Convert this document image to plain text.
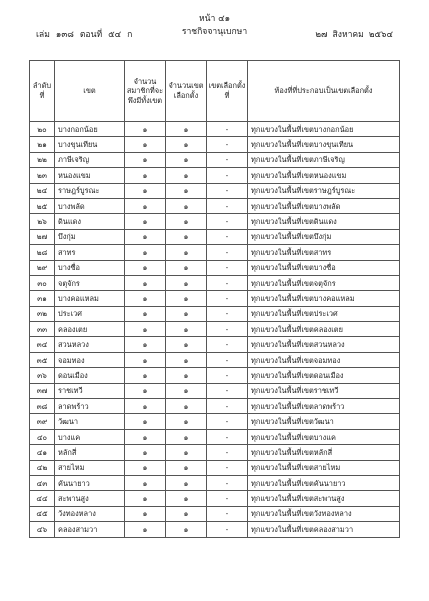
หน้า ๔๑
ราชกิจจานุเบกษา
เล่ม ๑๓๘ ตอนที่ ๕๔ ก	๒๗ สิงหาคม ๒๕๖๔
ลำดับที่	เขต	จำนวนสมาชิกที่จะพึงมีทั้งเขต	จำนวนเขตเลือกตั้ง	เขตเลือกตั้งที่	ท้องที่ที่ประกอบเป็นเขตเลือกตั้ง
๒๐	บางกอกน้อย	๑	๑	-	ทุกแขวงในพื้นที่เขตบางกอกน้อย
๒๑	บางขุนเทียน	๑	๑	-	ทุกแขวงในพื้นที่เขตบางขุนเทียน
๒๒	ภาษีเจริญ	๑	๑	-	ทุกแขวงในพื้นที่เขตภาษีเจริญ
๒๓	หนองแขม	๑	๑	-	ทุกแขวงในพื้นที่เขตหนองแขม
๒๔	ราษฎร์บูรณะ	๑	๑	-	ทุกแขวงในพื้นที่เขตราษฎร์บูรณะ
๒๕	บางพลัด	๑	๑	-	ทุกแขวงในพื้นที่เขตบางพลัด
๒๖	ดินแดง	๑	๑	-	ทุกแขวงในพื้นที่เขตดินแดง
๒๗	บึงกุ่ม	๑	๑	-	ทุกแขวงในพื้นที่เขตบึงกุ่ม
๒๘	สาทร	๑	๑	-	ทุกแขวงในพื้นที่เขตสาทร
๒๙	บางซื่อ	๑	๑	-	ทุกแขวงในพื้นที่เขตบางซื่อ
๓๐	จตุจักร	๑	๑	-	ทุกแขวงในพื้นที่เขตจตุจักร
๓๑	บางคอแหลม	๑	๑	-	ทุกแขวงในพื้นที่เขตบางคอแหลม
๓๒	ประเวศ	๑	๑	-	ทุกแขวงในพื้นที่เขตประเวศ
๓๓	คลองเตย	๑	๑	-	ทุกแขวงในพื้นที่เขตคลองเตย
๓๔	สวนหลวง	๑	๑	-	ทุกแขวงในพื้นที่เขตสวนหลวง
๓๕	จอมทอง	๑	๑	-	ทุกแขวงในพื้นที่เขตจอมทอง
๓๖	ดอนเมือง	๑	๑	-	ทุกแขวงในพื้นที่เขตดอนเมือง
๓๗	ราชเทวี	๑	๑	-	ทุกแขวงในพื้นที่เขตราชเทวี
๓๘	ลาดพร้าว	๑	๑	-	ทุกแขวงในพื้นที่เขตลาดพร้าว
๓๙	วัฒนา	๑	๑	-	ทุกแขวงในพื้นที่เขตวัฒนา
๔๐	บางแค	๑	๑	-	ทุกแขวงในพื้นที่เขตบางแค
๔๑	หลักสี่	๑	๑	-	ทุกแขวงในพื้นที่เขตหลักสี่
๔๒	สายไหม	๑	๑	-	ทุกแขวงในพื้นที่เขตสายไหม
๔๓	คันนายาว	๑	๑	-	ทุกแขวงในพื้นที่เขตคันนายาว
๔๔	สะพานสูง	๑	๑	-	ทุกแขวงในพื้นที่เขตสะพานสูง
๔๕	วังทองหลาง	๑	๑	-	ทุกแขวงในพื้นที่เขตวังทองหลาง
๔๖	คลองสามวา	๑	๑	-	ทุกแขวงในพื้นที่เขตคลองสามวา
